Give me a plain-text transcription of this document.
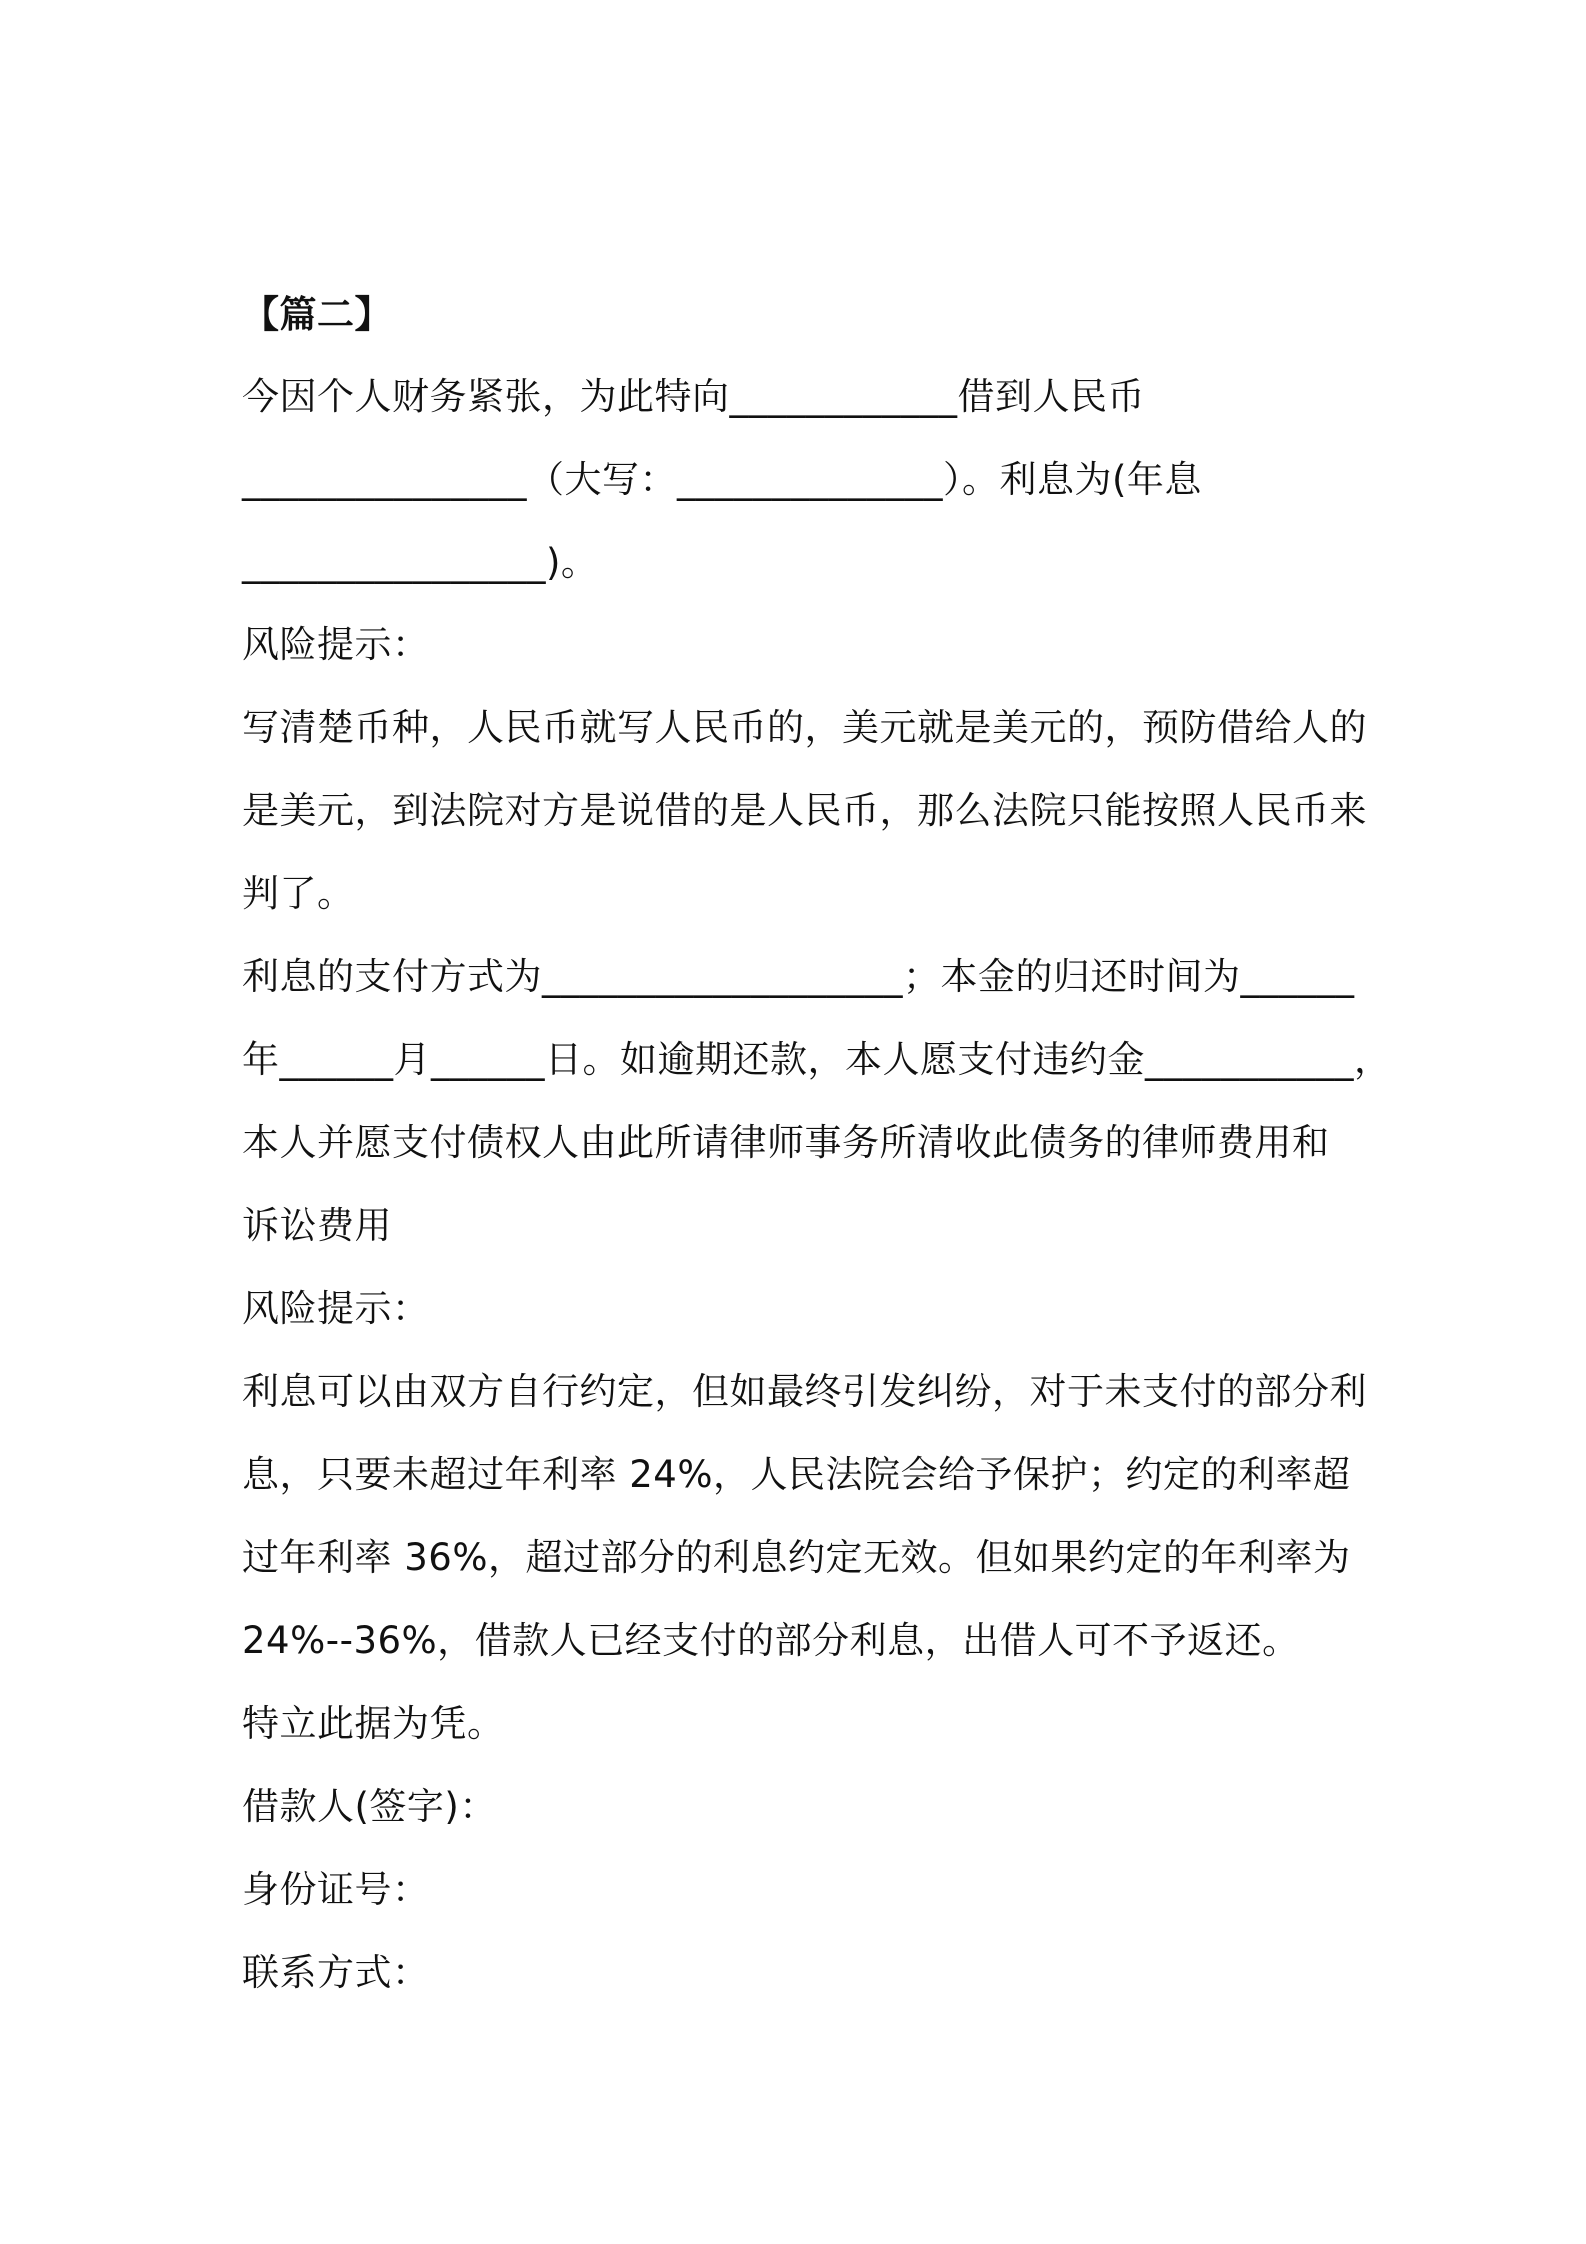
【篇二】
今因个人财务紧张，为此特向____________借到人民币
_______________（大写：______________）。利息为(年息
________________)。
风险提示：
写清楚币种，人民币就写人民币的，美元就是美元的，预防借给人的
是美元，到法院对方是说借的是人民币，那么法院只能按照人民币来
判了。
利息的支付方式为___________________；本金的归还时间为______
年______月______日。如逾期还款，本人愿支付违约金___________，
本人并愿支付债权人由此所请律师事务所清收此债务的律师费用和
诉讼费用
风险提示：
利息可以由双方自行约定，但如最终引发纠纷，对于未支付的部分利
息，只要未超过年利率 24%，人民法院会给予保护；约定的利率超
过年利率 36%，超过部分的利息约定无效。但如果约定的年利率为
24%--36%，借款人已经支付的部分利息，出借人可不予返还。
特立此据为凭。
借款人(签字)：
身份证号：
联系方式：
